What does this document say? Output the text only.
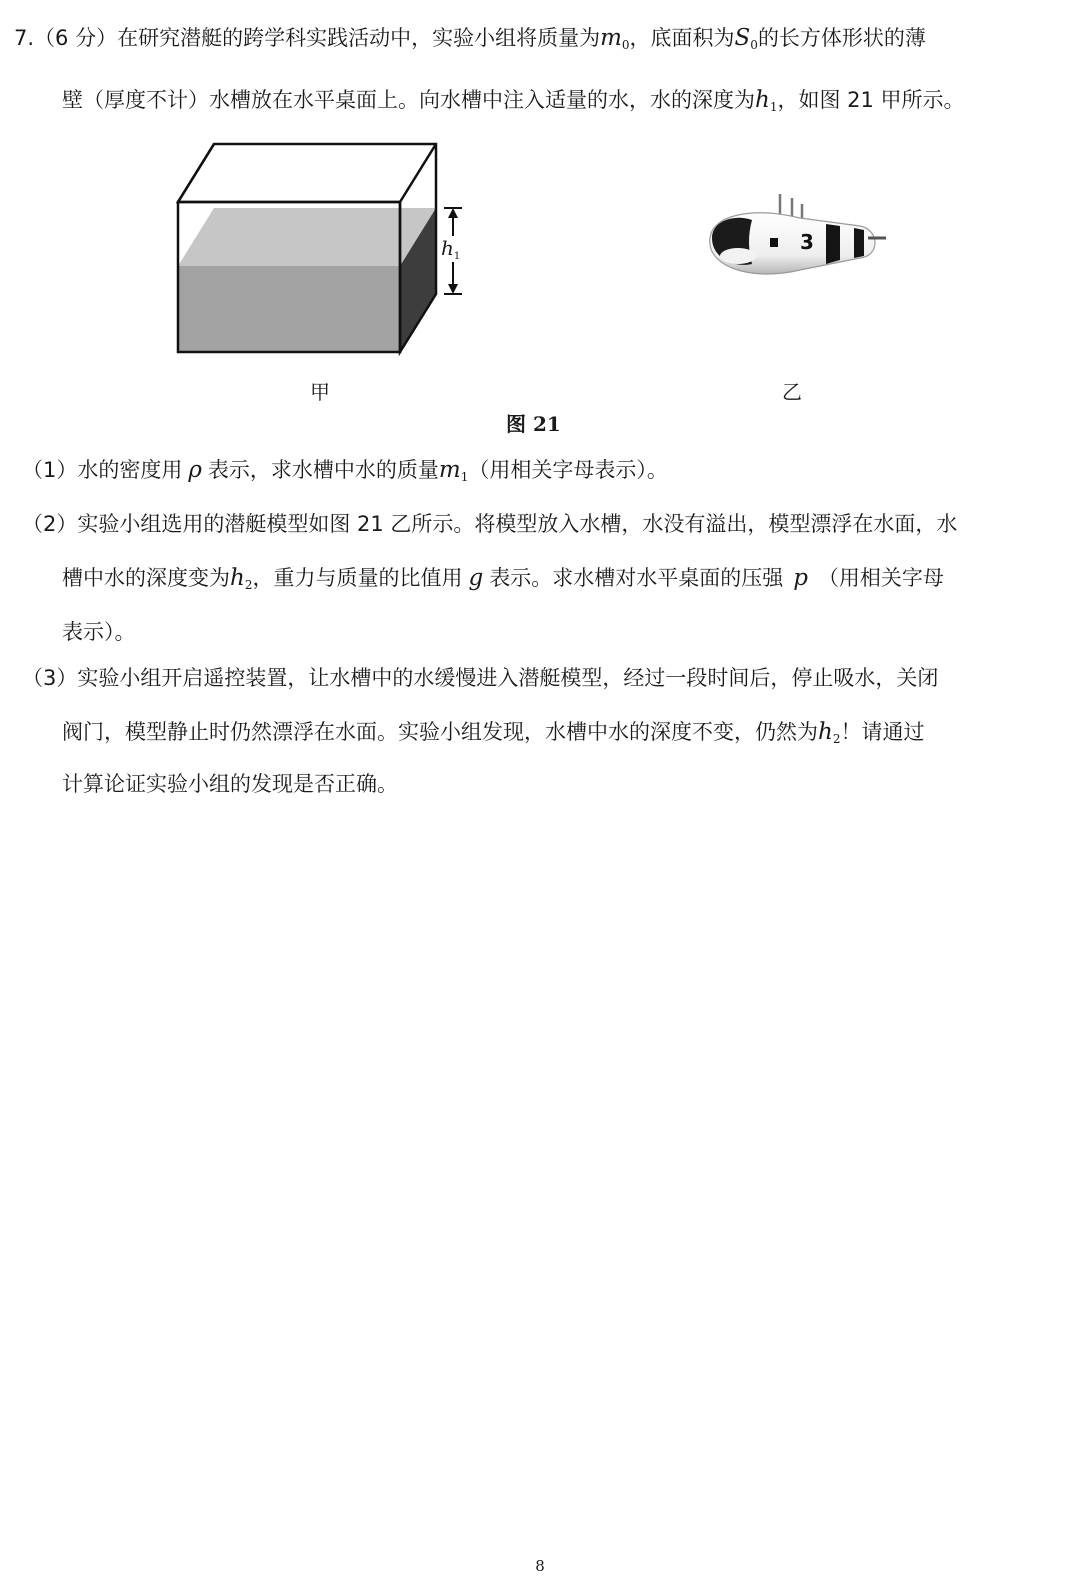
7.（6 分）在研究潜艇的跨学科实践活动中，实验小组将质量为$m_0$，底面积为$S_0$的长方体形状的薄
壁（厚度不计）水槽放在水平桌面上。向水槽中注入适量的水，水的深度为$h_1$，如图 21 甲所示。
$h_1$
甲
3
乙
图 21
（1）水的密度用 ρ 表示，求水槽中水的质量$m_1$（用相关字母表示）。
（2）实验小组选用的潜艇模型如图 21 乙所示。将模型放入水槽，水没有溢出，模型漂浮在水面，水
槽中水的深度变为$h_2$，重力与质量的比值用 g 表示。求水槽对水平桌面的压强 p （用相关字母
表示）。
（3）实验小组开启遥控装置，让水槽中的水缓慢进入潜艇模型，经过一段时间后，停止吸水，关闭
阀门，模型静止时仍然漂浮在水面。实验小组发现，水槽中水的深度不变，仍然为$h_2$！请通过
计算论证实验小组的发现是否正确。
8
